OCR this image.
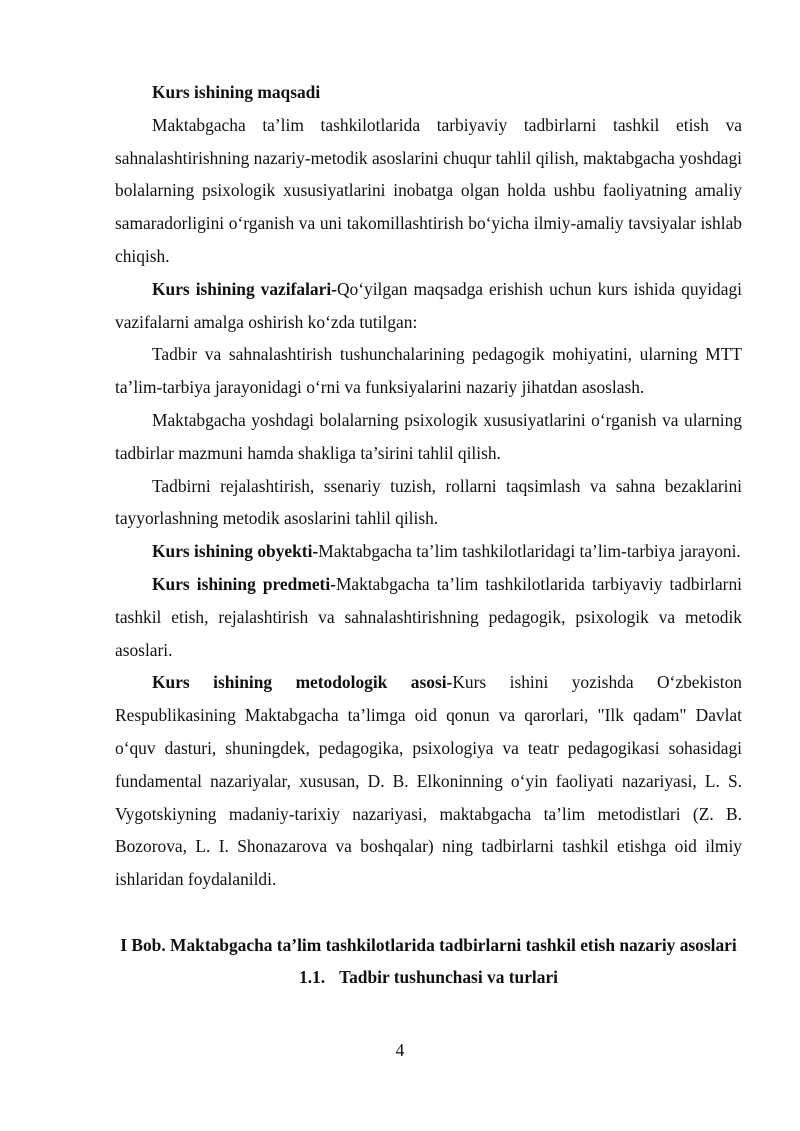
Kurs ishining maqsadi

Maktabgacha ta’lim tashkilotlarida tarbiyaviy tadbirlarni tashkil etish va sahnalashtirishning nazariy-metodik asoslarini chuqur tahlil qilish, maktabgacha yoshdagi bolalarning psixologik xususiyatlarini inobatga olgan holda ushbu faoliyatning amaliy samaradorligini o‘rganish va uni takomillashtirish bo‘yicha ilmiy-amaliy tavsiyalar ishlab chiqish.

Kurs ishining vazifalari-Qo‘yilgan maqsadga erishish uchun kurs ishida quyidagi vazifalarni amalga oshirish ko‘zda tutilgan:

Tadbir va sahnalashtirish tushunchalarining pedagogik mohiyatini, ularning MTT ta’lim-tarbiya jarayonidagi o‘rni va funksiyalarini nazariy jihatdan asoslash.

Maktabgacha yoshdagi bolalarning psixologik xususiyatlarini o‘rganish va ularning tadbirlar mazmuni hamda shakliga ta’sirini tahlil qilish.

Tadbirni rejalashtirish, ssenariy tuzish, rollarni taqsimlash va sahna bezaklarini tayyorlashning metodik asoslarini tahlil qilish.

Kurs ishining obyekti-Maktabgacha ta’lim tashkilotlaridagi ta’lim-tarbiya jarayoni.

Kurs ishining predmeti-Maktabgacha ta’lim tashkilotlarida tarbiyaviy tadbirlarni tashkil etish, rejalashtirish va sahnalashtirishning pedagogik, psixologik va metodik asoslari.

Kurs ishining metodologik asosi-Kurs ishini yozishda O‘zbekiston Respublikasining Maktabgacha ta’limga oid qonun va qarorlari, "Ilk qadam" Davlat o‘quv dasturi, shuningdek, pedagogika, psixologiya va teatr pedagogikasi sohasidagi fundamental nazariyalar, xususan, D. B. Elkoninning o‘yin faoliyati nazariyasi, L. S. Vygotskiyning madaniy-tarixiy nazariyasi, maktabgacha ta’lim metodistlari (Z. B. Bozorova, L. I. Shonazarova va boshqalar) ning tadbirlarni tashkil etishga oid ilmiy ishlaridan foydalanildi.

I Bob. Maktabgacha ta’lim tashkilotlarida tadbirlarni tashkil etish nazariy asoslari

1.1. Tadbir tushunchasi va turlari

4
